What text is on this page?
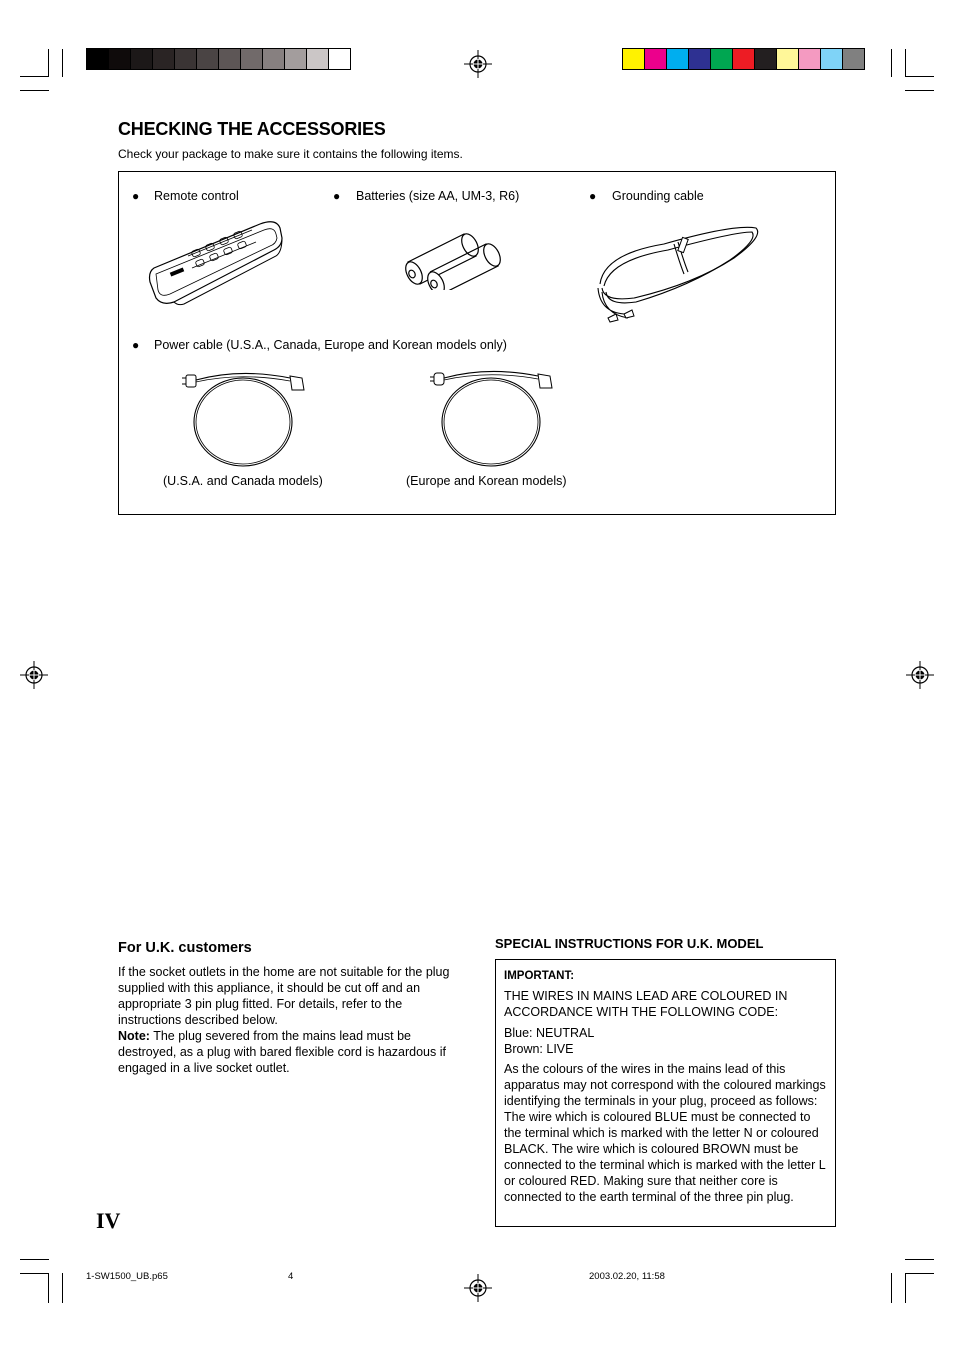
CHECKING THE ACCESSORIES
Check your package to make sure it contains the following items.
● Remote control	● Batteries (size AA, UM-3, R6)	● Grounding cable
● Power cable (U.S.A., Canada, Europe and Korean models only)
(U.S.A. and Canada models)	(Europe and Korean models)
For U.K. customers
If the socket outlets in the home are not suitable for the plug supplied with this appliance, it should be cut off and an appropriate 3 pin plug fitted. For details, refer to the instructions described below.
Note: The plug severed from the mains lead must be destroyed, as a plug with bared flexible cord is hazardous if engaged in a live socket outlet.
SPECIAL INSTRUCTIONS FOR U.K. MODEL

IMPORTANT:

THE WIRES IN MAINS LEAD ARE COLOURED IN ACCORDANCE WITH THE FOLLOWING CODE:

Blue: NEUTRAL

Brown: LIVE

As the colours of the wires in the mains lead of this apparatus may not correspond with the coloured markings identifying the terminals in your plug, proceed as follows: The wire which is coloured BLUE must be connected to the terminal which is marked with the letter N or coloured BLACK. The wire which is coloured BROWN must be connected to the terminal which is marked with the letter L or coloured RED. Making sure that neither core is connected to the earth terminal of the three pin plug.

IV
1-SW1500_UB.p65	4	2003.02.20, 11:58
